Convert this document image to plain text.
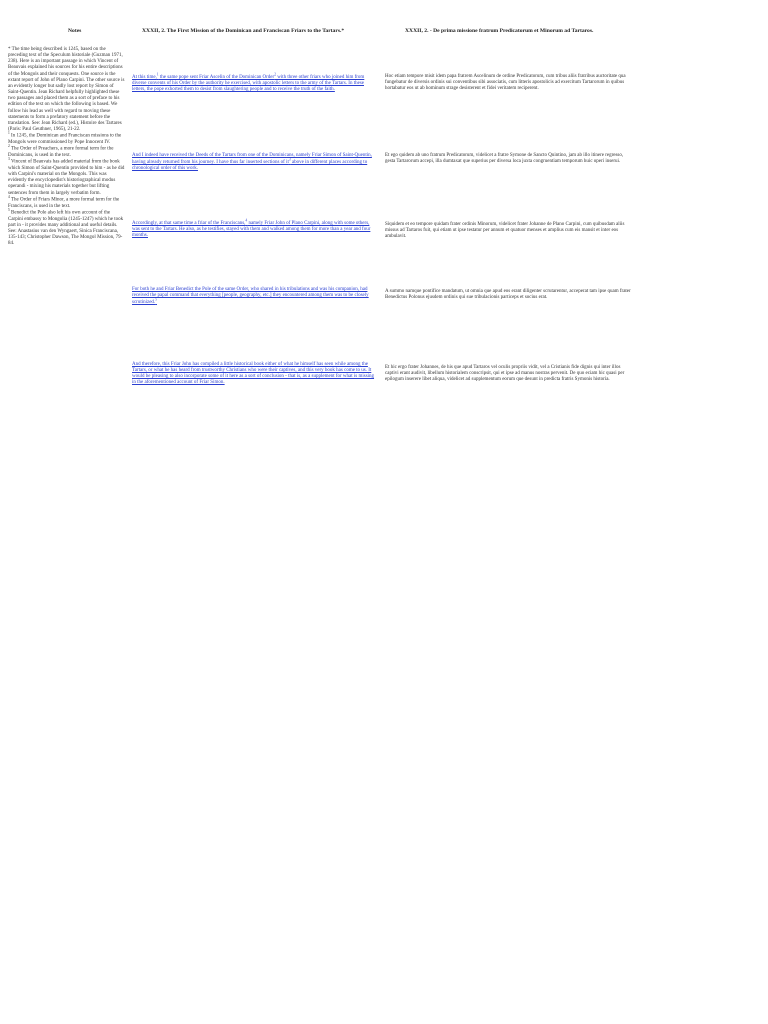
Notes	XXXII, 2. The First Mission of the Dominican and Franciscan Friars to the Tartars.*	XXXII, 2. - De prima missione fratrum Predicatorum et Minorum ad Tartaros.

* The time being described is 1245, based on the preceding text of the Speculum historiale (Guzman 1971, 238). Here is an important passage in which Vincent of Beauvais explained his sources for his entire descriptions of the Mongols and their conquests. One source is the extant report of John of Plano Carpini. The other source is an evidently longer but sadly lost report by Simon of Saint-Quentin. Jean Richard helpfully highlighted these two passages and placed them as a sort of preface to his edition of the text on which the following is based. We follow his lead as well with regard to moving these statements to form a prefatory statement before the translation. See: Jean Richard (ed.), Histoire des Tartares (Paris: Paul Geuthner, 1965), 21-22.

$^1$ In 1245, the Dominican and Franciscan missions to the Mongols were commissioned by Pope Innocent IV.

$^2$ The Order of Preachers, a more formal term for the Dominicans, is used in the text.

$^3$ Vincent of Beauvais has added material from the book which Simon of Saint-Quentin provided to him - as he did with Carpini's material on the Mongols. This was evidently the encyclopedist's historiographical modus operandi - mixing his materials together but lifting sentences from them in largely verbatim form.

$^4$ The Order of Friars Minor, a more formal term for the Franciscans, is used in the text.

$^5$ Benedict the Pole also left his own account of the Carpini embassy to Mongolia (1245-1247) which he took part in - it provides many additional and useful details. See: Anastasius van den Wyngaert, Sinica Franciscana, 135-143; Christopher Dawson, The Mongol Mission, 79-84.

At this time,$^1$ the same pope sent Friar Ascelin of the Dominican Order$^2$ with three other friars who joined him from diverse convents of his Order by the authority he exercised, with apostolic letters to the army of the Tartars. In these letters, the pope exhorted them to desist from slaughtering people and to receive the truth of the faith.
Hoc etiam tempore misit idem papa fratrem Ascelinum de ordine Predicatorum, cum tribus aliis fratribus auctoritate qua fungebatur de diversis ordinis sui conventibus sibi associatis, cum litteris apostolicis ad exercitum Tartarorum in quibus hortabatur eos ut ab hominum strage desisterent et fidei veritatem reciperent.
And I indeed have received the Deeds of the Tartars from one of the Dominicans, namely Friar Simon of Saint-Quentin, having already returned from his journey. I have thus far inserted sections of $it^3$ above in different places according to chronological order of this work.
Et ego quidem ab uno fratrum Predicatorum, videlicet a fratre Symone de Sancto Quintino, jam ab illo itinere regresso, gesta Tartarorum accepi, illa dumtaxat que superius per diversa loca juxta congruentiam temporum huic operi inserui.
Accordingly, at that same time a friar of the Franciscans,$^4$ namely Friar John of Plano Carpini, along with some others, was sent to the Tartars. He also, as he testifies, stayed with them and walked among them for more than a year and four months.
Siquidem et eo tempore quidam frater ordinis Minorum, videlicet frater Johanne de Plano Carpini, cum quibusdam aliis missus ad Tartaros fuit, qui etiam ut ipse testatur per annum et quatuor menses et amplius cum eis mansit et inter eos ambulavit.
For both he and Friar Benedict the Pole of the same Order, who shared in his tribulations and was his companion, had received the papal command that everything [people, geography, etc.] they encountered among them was to be closely scrutinized.$^5$
A summo namque pontifice mandatum, ut omnia que apud eos erant diligenter scrutarentur, acceperat tam ipse quam frater Benedictus Polonus ejusdem ordinis qui sue tribulacionis particeps et socius erat.
And therefore, this Friar John has compiled a little historical book either of what he himself has seen while among the Tartars, or what he has heard from trustworthy Christians who were their captives, and this very book has come to us. It would be pleasing to also incorporate some of it here as a sort of conclusion - that is, as a supplement for what is missing in the aforementioned account of Friar Simon.
Et hic ergo frater Johannes, de his que apud Tartaros vel oculis propriis vidit, vel a Cristianis fide dignis qui inter illos captivi erant audivit, libellum historialem conscripsit, qui et ipse ad manus nostras pervenit. De quo eciam hic quasi per epilogum inserere libet aliqua, videlicet ad supplementum eorum que desunt in predicta fratris Symonis historia.
